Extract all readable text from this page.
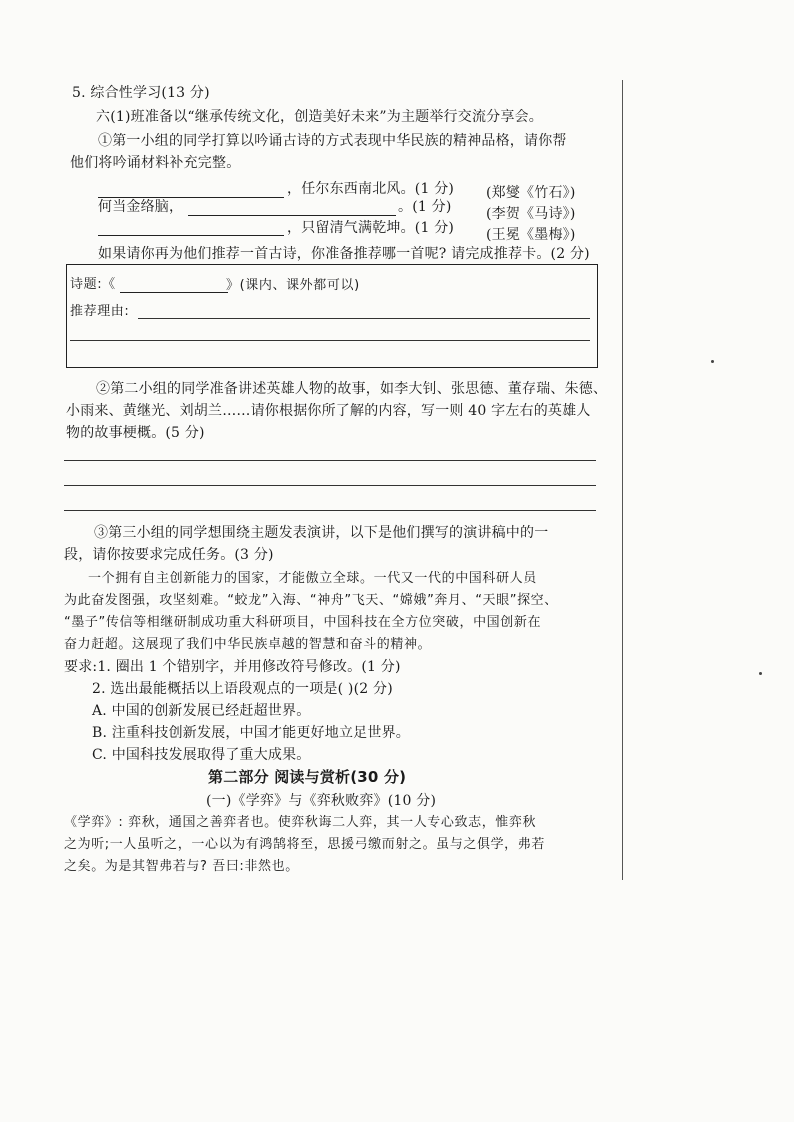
5. 综合性学习(13 分)
六(1)班准备以“继承传统文化，创造美好未来”为主题举行交流分享会。
①第一小组的同学打算以吟诵古诗的方式表现中华民族的精神品格，请你帮
他们将吟诵材料补充完整。
，任尔东西南北风。(1 分) (郑燮《竹石》)
何当金络脑，	。(1 分) (李贺《马诗》)
，只留清气满乾坤。(1 分) (王冕《墨梅》)
如果请你再为他们推荐一首古诗，你准备推荐哪一首呢? 请完成推荐卡。(2 分)
诗题:《	》(课内、课外都可以)
推荐理由:
②第二小组的同学准备讲述英雄人物的故事，如李大钊、张思德、董存瑞、朱德、
小雨来、黄继光、刘胡兰……请你根据你所了解的内容，写一则 40 字左右的英雄人
物的故事梗概。(5 分)
③第三小组的同学想围绕主题发表演讲，以下是他们撰写的演讲稿中的一
段，请你按要求完成任务。(3 分)
一个拥有自主创新能力的国家，才能傲立全球。一代又一代的中国科研人员
为此奋发图强，攻坚刻难。“蛟龙”入海、“神舟”飞天、“嫦娥”奔月、“天眼”探空、
“墨子”传信等相继研制成功重大科研项目，中国科技在全方位突破，中国创新在
奋力赶超。这展现了我们中华民族卓越的智慧和奋斗的精神。
要求:1. 圈出 1 个错别字，并用修改符号修改。(1 分)
2. 选出最能概括以上语段观点的一项是( )(2 分)
A. 中国的创新发展已经赶超世界。
B. 注重科技创新发展，中国才能更好地立足世界。
C. 中国科技发展取得了重大成果。
第二部分 阅读与赏析(30 分)
(一)《学弈》与《弈秋败弈》(10 分)
《学弈》: 弈秋，通国之善弈者也。使弈秋诲二人弈，其一人专心致志，惟弈秋
之为听;一人虽听之，一心以为有鸿鹄将至，思援弓缴而射之。虽与之俱学，弗若
之矣。为是其智弗若与? 吾曰:非然也。
